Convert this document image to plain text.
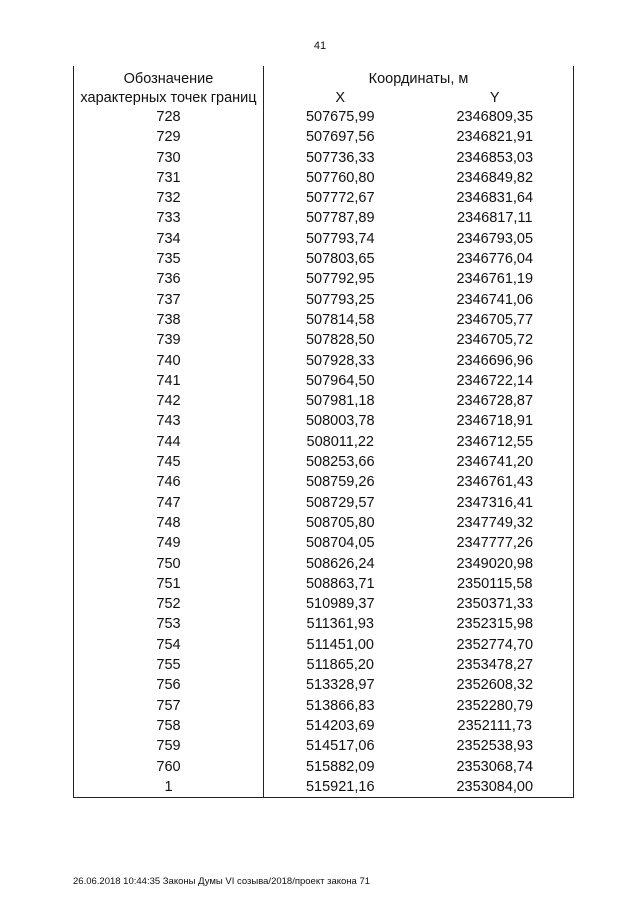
41
Обозначение	Координаты, м	
характерных точек границ	X	Y
728	507675,99	2346809,35
729	507697,56	2346821,91
730	507736,33	2346853,03
731	507760,80	2346849,82
732	507772,67	2346831,64
733	507787,89	2346817,11
734	507793,74	2346793,05
735	507803,65	2346776,04
736	507792,95	2346761,19
737	507793,25	2346741,06
738	507814,58	2346705,77
739	507828,50	2346705,72
740	507928,33	2346696,96
741	507964,50	2346722,14
742	507981,18	2346728,87
743	508003,78	2346718,91
744	508011,22	2346712,55
745	508253,66	2346741,20
746	508759,26	2346761,43
747	508729,57	2347316,41
748	508705,80	2347749,32
749	508704,05	2347777,26
750	508626,24	2349020,98
751	508863,71	2350115,58
752	510989,37	2350371,33
753	511361,93	2352315,98
754	511451,00	2352774,70
755	511865,20	2353478,27
756	513328,97	2352608,32
757	513866,83	2352280,79
758	514203,69	2352111,73
759	514517,06	2352538,93
760	515882,09	2353068,74
1	515921,16	2353084,00
26.06.2018 10:44:35 Законы Думы VI созыва/2018/проект закона 71
